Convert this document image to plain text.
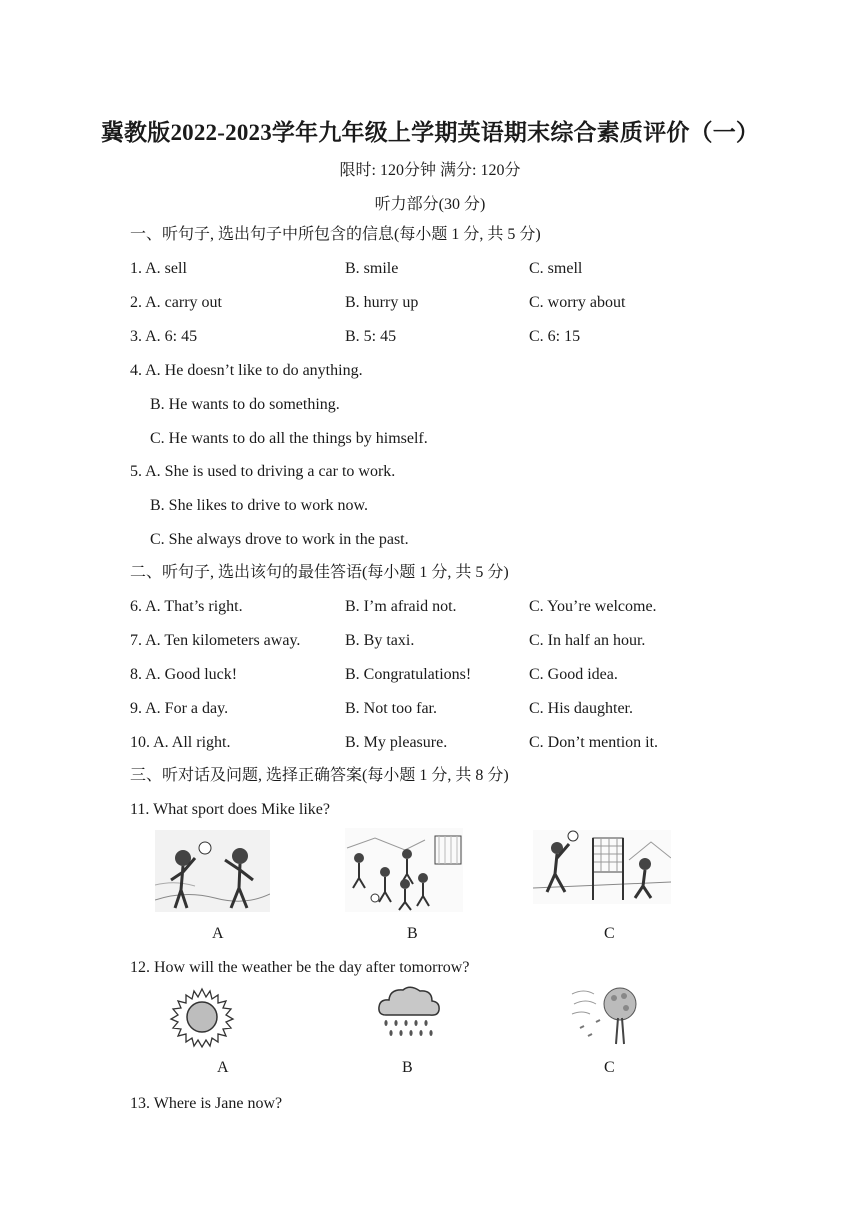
冀教版2022-2023学年九年级上学期英语期末综合素质评价（一）
限时: 120分钟 满分: 120分
听力部分(30 分)
一、听句子, 选出句子中所包含的信息(每小题 1 分, 共 5 分)
1. A. sell	B. smile	C. smell
2. A. carry out	B. hurry up	C. worry about
3. A. 6: 45	B. 5: 45	C. 6: 15
4. A. He doesn’t like to do anything.
B. He wants to do something.
C. He wants to do all the things by himself.
5. A. She is used to driving a car to work.
B. She likes to drive to work now.
C. She always drove to work in the past.
二、听句子, 选出该句的最佳答语(每小题 1 分, 共 5 分)
6. A. That’s right.	B. I’m afraid not.	C. You’re welcome.
7. A. Ten kilometers away.	B. By taxi.	C. In half an hour.
8. A. Good luck!	B. Congratulations!	C. Good idea.
9. A. For a day.	B. Not too far.	C. His daughter.
10. A. All right.	B. My pleasure.	C. Don’t mention it.
三、听对话及问题, 选择正确答案(每小题 1 分, 共 8 分)
11. What sport does Mike like?
A	B	C
12. How will the weather be the day after tomorrow?
A	B	C
13. Where is Jane now?
